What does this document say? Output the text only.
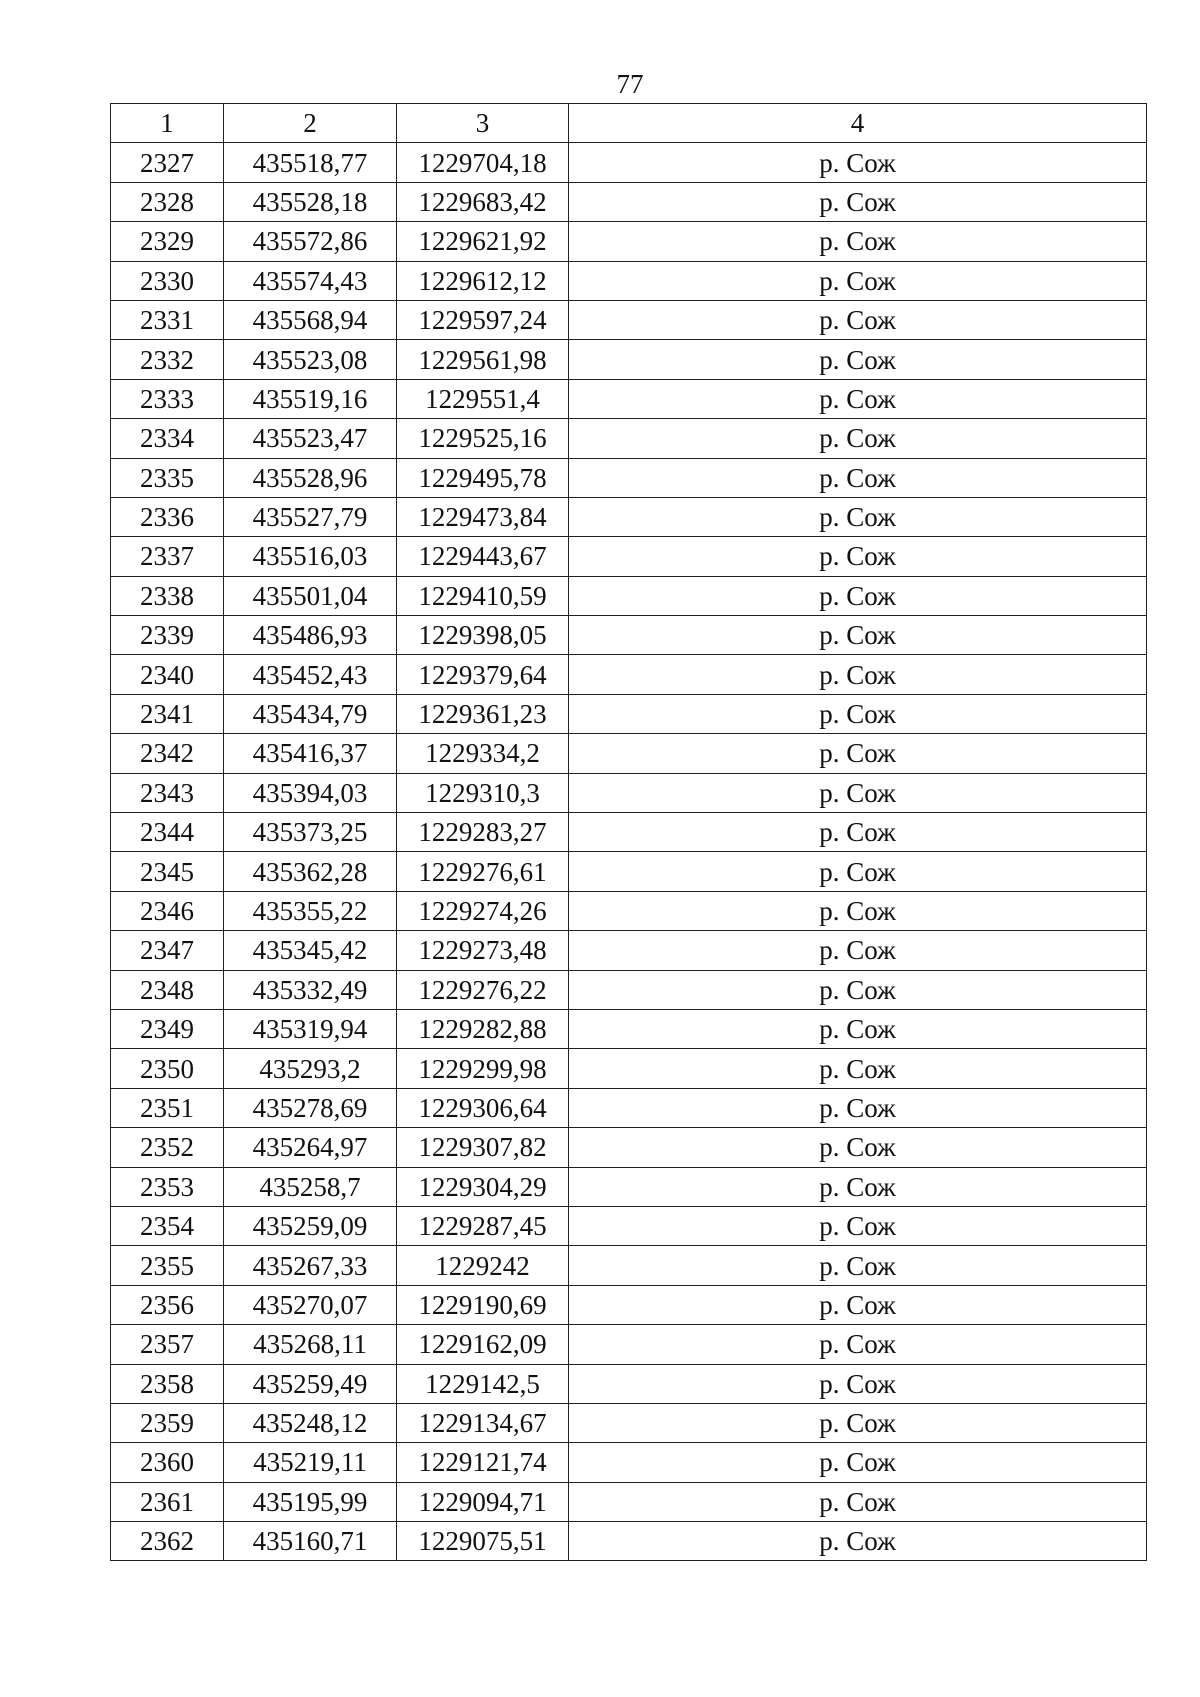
77
1	2	3	4
2327	435518,77	1229704,18	р. Сож
2328	435528,18	1229683,42	р. Сож
2329	435572,86	1229621,92	р. Сож
2330	435574,43	1229612,12	р. Сож
2331	435568,94	1229597,24	р. Сож
2332	435523,08	1229561,98	р. Сож
2333	435519,16	1229551,4	р. Сож
2334	435523,47	1229525,16	р. Сож
2335	435528,96	1229495,78	р. Сож
2336	435527,79	1229473,84	р. Сож
2337	435516,03	1229443,67	р. Сож
2338	435501,04	1229410,59	р. Сож
2339	435486,93	1229398,05	р. Сож
2340	435452,43	1229379,64	р. Сож
2341	435434,79	1229361,23	р. Сож
2342	435416,37	1229334,2	р. Сож
2343	435394,03	1229310,3	р. Сож
2344	435373,25	1229283,27	р. Сож
2345	435362,28	1229276,61	р. Сож
2346	435355,22	1229274,26	р. Сож
2347	435345,42	1229273,48	р. Сож
2348	435332,49	1229276,22	р. Сож
2349	435319,94	1229282,88	р. Сож
2350	435293,2	1229299,98	р. Сож
2351	435278,69	1229306,64	р. Сож
2352	435264,97	1229307,82	р. Сож
2353	435258,7	1229304,29	р. Сож
2354	435259,09	1229287,45	р. Сож
2355	435267,33	1229242	р. Сож
2356	435270,07	1229190,69	р. Сож
2357	435268,11	1229162,09	р. Сож
2358	435259,49	1229142,5	р. Сож
2359	435248,12	1229134,67	р. Сож
2360	435219,11	1229121,74	р. Сож
2361	435195,99	1229094,71	р. Сож
2362	435160,71	1229075,51	р. Сож
